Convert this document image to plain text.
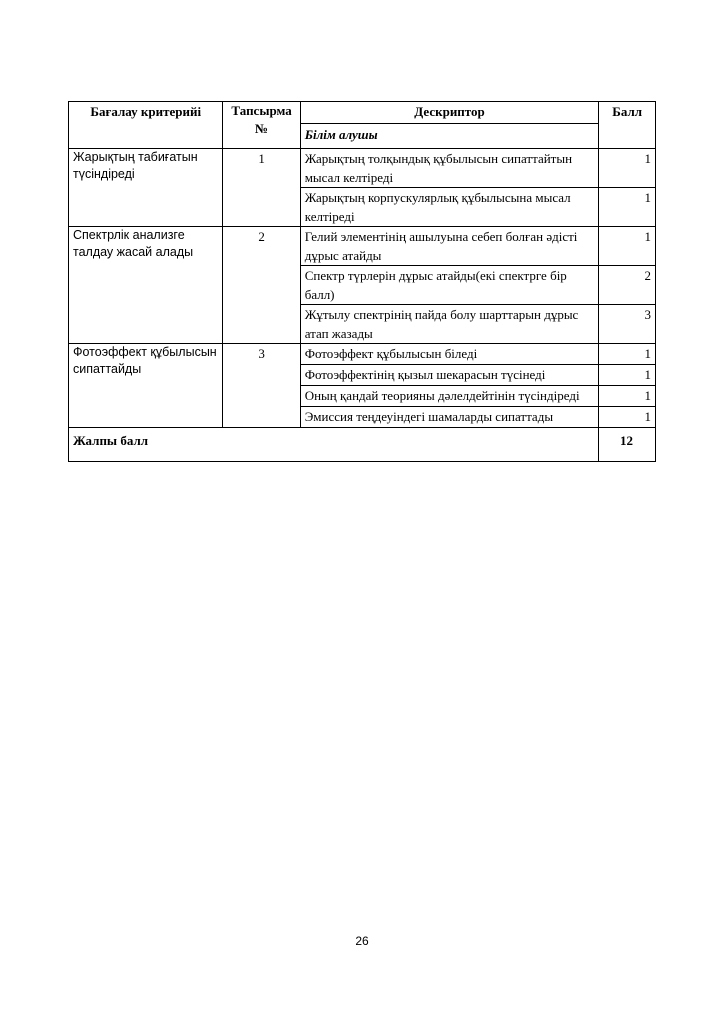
Бағалау критерийі	Тапсырма №	Дескриптор	Балл
		Білім алушы	
Жарықтың табиғатын түсіндіреді	1	Жарықтың толқындық құбылысын сипаттайтын мысал келтіреді	1
		Жарықтың корпускулярлық құбылысына мысал келтіреді	1
Спектрлік анализге талдау жасай алады	2	Гелий элементінің ашылуына себеп болған әдісті дұрыс атайды	1
		Спектр түрлерін дұрыс атайды(екі спектрге бір балл)	2
		Жұтылу спектрінің пайда болу шарттарын дұрыс атап жазады	3
Фотоэффект құбылысын сипаттайды	3	Фотоэффект құбылысын біледі	1
		Фотоэффектінің қызыл шекарасын түсінеді	1
		Оның қандай теорияны дәлелдейтінін түсіндіреді	1
		Эмиссия теңдеуіндегі шамаларды сипаттады	1
Жалпы балл			12
26
